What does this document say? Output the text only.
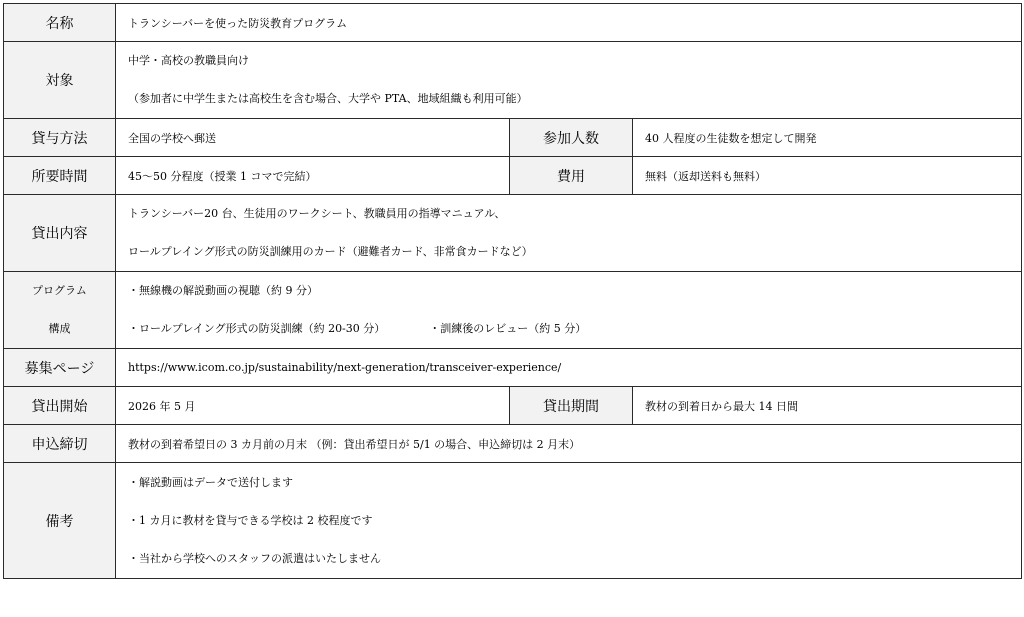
名称	トランシーバーを使った防災教育プログラム		
対象	中学・高校の教職員向け
（参加者に中学生または高校生を含む場合、大学や PTA、地域組織も利用可能）		

貸与方法	全国の学校へ郵送	参加人数	40 人程度の生徒数を想定して開発
所要時間	45～50 分程度（授業 1 コマで完結）	費用	無料（返却送料も無料）
貸出内容	トランシーバー20 台、生徒用のワークシート、教職員用の指導マニュアル、
ロールプレイング形式の防災訓練用のカード（避難者カード、非常食カードなど）		

プログラム
構成	・無線機の解説動画の視聴（約 9 分）
・ロールプレイング形式の防災訓練（約 20-30 分） ・訓練後のレビュー（約 5 分）		

募集ページ	https://www.icom.co.jp/sustainability/next-generation/transceiver-experience/		
貸出開始	2026 年 5 月	貸出期間	教材の到着日から最大 14 日間
申込締切	教材の到着希望日の 3 カ月前の月末 （例：貸出希望日が 5/1 の場合、申込締切は 2 月末）		
備考	・解説動画はデータで送付します
・1 カ月に教材を貸与できる学校は 2 校程度です
・当社から学校へのスタッフの派遣はいたしません		
